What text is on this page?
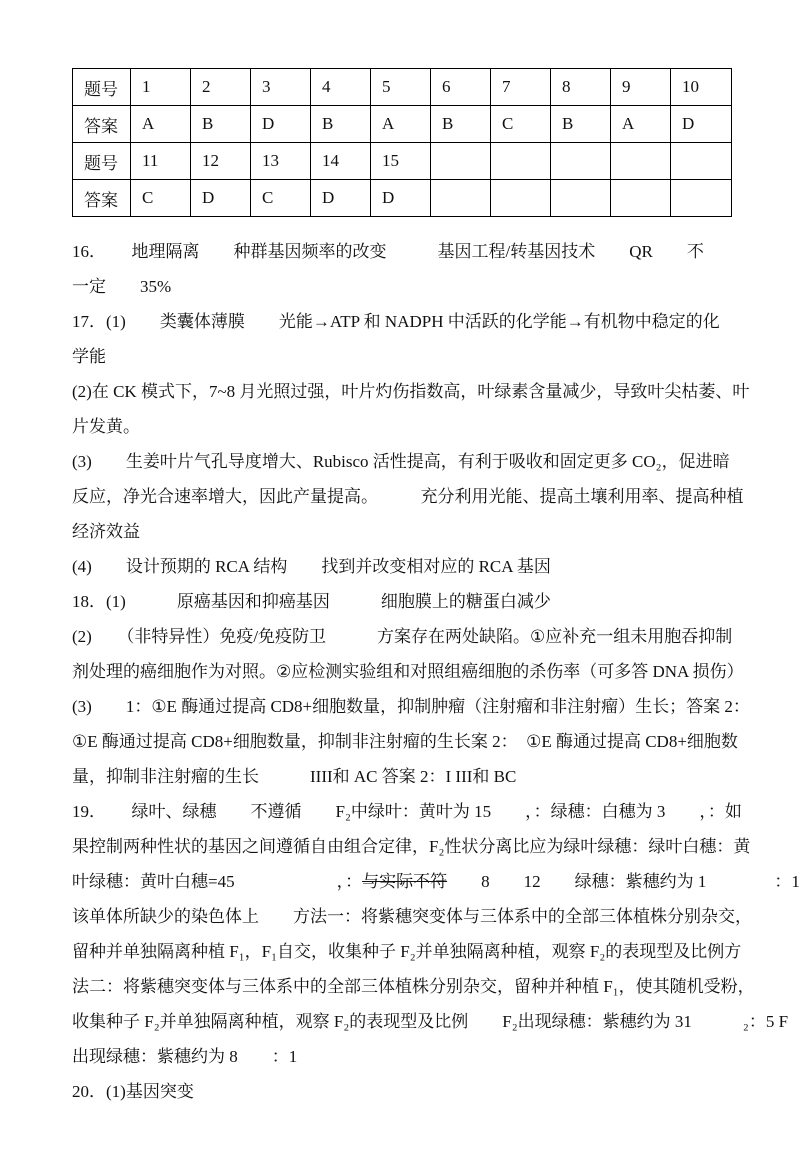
题号	1	2	3	4	5	6	7	8	9	10
答案	A	B	D	B	A	B	C	B	A	D
题号	11	12	13	14	15					
答案	C	D	C	D	D					
16．　　地理隔离　　种群基因频率的改变　　　基因工程/转基因技术　　QR　　不
一定　　35%
17．(1)　　类囊体薄膜　　光能→ATP 和 NADPH 中活跃的化学能→有机物中稳定的化
学能
(2)在 CK 模式下，7~8 月光照过强，叶片灼伤指数高，叶绿素含量减少，导致叶尖枯萎、叶
片发黄。
(3)　　生姜叶片气孔导度增大、Rubisco 活性提高，有利于吸收和固定更多 CO₂，促进暗
反应，净光合速率增大，因此产量提高。　　　充分利用光能、提高土壤利用率、提高种植
经济效益
(4)　　设计预期的 RCA 结构　　找到并改变相对应的 RCA 基因
18．(1)　　　原癌基因和抑癌基因　　　细胞膜上的糖蛋白减少
(2)　　（非特异性）免疫/免疫防卫　　　方案存在两处缺陷。①应补充一组未用胞吞抑制
剂处理的癌细胞作为对照。②应检测实验组和对照组癌细胞的杀伤率（可多答 DNA 损伤）
(3)　　1：①E 酶通过提高 CD8+细胞数量，抑制肿瘤（注射瘤和非注射瘤）生长；答案 2：
①E 酶通过提高 CD8+细胞数量，抑制非注射瘤的生长案 2：　①E 酶通过提高 CD8+细胞数
量，抑制非注射瘤的生长　　　IIII和 AC 答案 2：I III和 BC
19．　　绿叶、绿穗　　不遵循　　F₂中绿叶：黄叶为 15　　，：绿穗：白穗为 3　　，：如
果控制两种性状的基因之间遵循自由组合定律，F₂性状分离比应为绿叶绿穗：绿叶白穗：黄
叶绿穗：黄叶白穗=45　　　　　　，：与实际不符　　8　　12　　绿穗：紫穗约为 1　　　　：1
该单体所缺少的染色体上　　方法一：将紫穗突变体与三体系中的全部三体植株分别杂交，
留种并单独隔离种植 F₁，F₁自交，收集种子 F₂并单独隔离种植，观察 F₂的表现型及比例方
法二：将紫穗突变体与三体系中的全部三体植株分别杂交，留种并种植 F₁，使其随机受粉，
收集种子 F₂并单独隔离种植，观察 F₂的表现型及比例　　F₂出现绿穗：紫穗约为 31　　　₂：5 F
出现绿穗：紫穗约为 8　　：1
20．(1)基因突变
